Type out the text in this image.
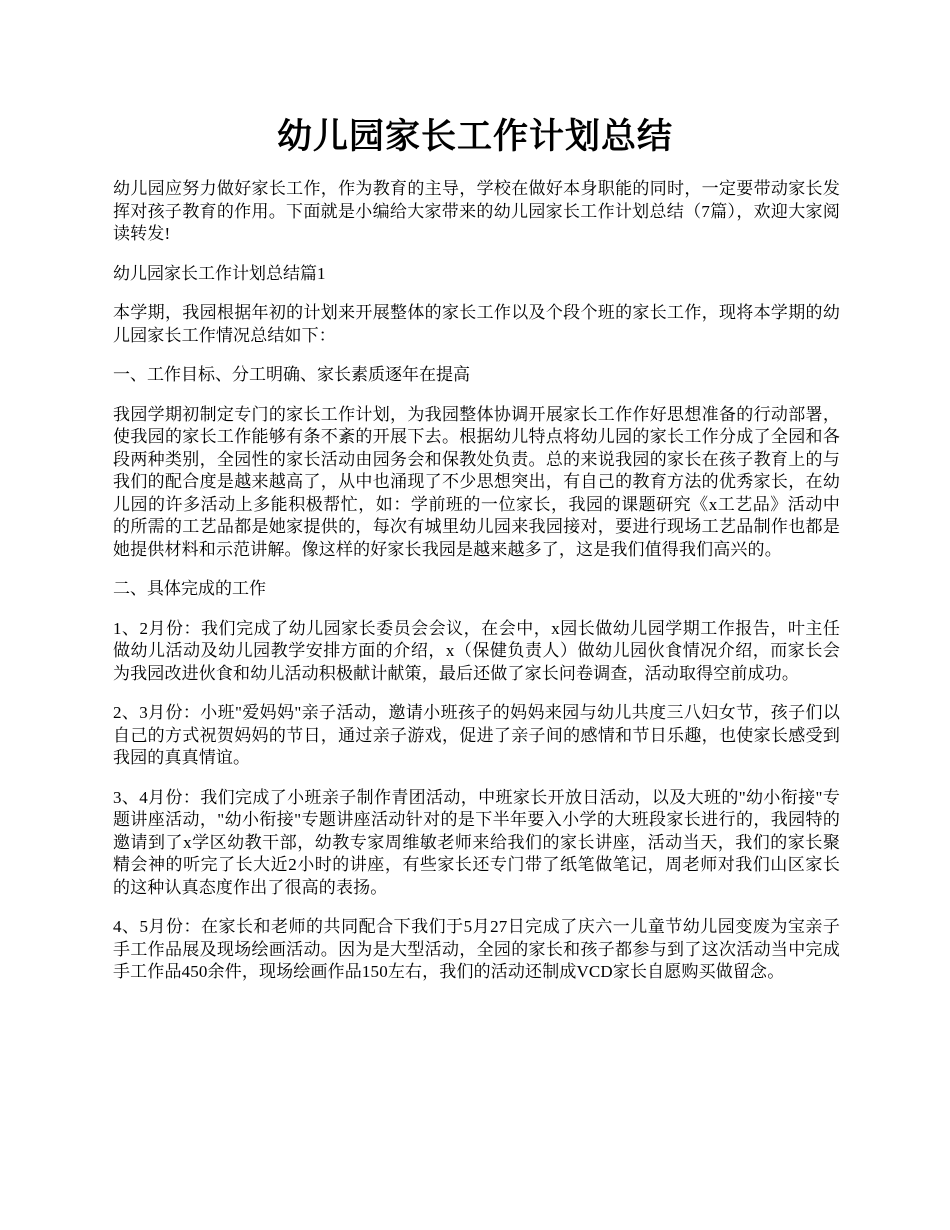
幼儿园家长工作计划总结

幼儿园应努力做好家长工作，作为教育的主导，学校在做好本身职能的同时，一定要带动家长发挥对孩子教育的作用。下面就是小编给大家带来的幼儿园家长工作计划总结（7篇），欢迎大家阅读转发!

幼儿园家长工作计划总结篇1

本学期，我园根据年初的计划来开展整体的家长工作以及个段个班的家长工作，现将本学期的幼儿园家长工作情况总结如下：

一、工作目标、分工明确、家长素质逐年在提高

我园学期初制定专门的家长工作计划，为我园整体协调开展家长工作作好思想准备的行动部署，使我园的家长工作能够有条不紊的开展下去。根据幼儿特点将幼儿园的家长工作分成了全园和各段两种类别，全园性的家长活动由园务会和保教处负责。总的来说我园的家长在孩子教育上的与我们的配合度是越来越高了，从中也涌现了不少思想突出，有自己的教育方法的优秀家长，在幼儿园的许多活动上多能积极帮忙，如：学前班的一位家长，我园的课题研究《x工艺品》活动中的所需的工艺品都是她家提供的，每次有城里幼儿园来我园接对，要进行现场工艺品制作也都是她提供材料和示范讲解。像这样的好家长我园是越来越多了，这是我们值得我们高兴的。

二、具体完成的工作

1、2月份：我们完成了幼儿园家长委员会会议，在会中，x园长做幼儿园学期工作报告，叶主任做幼儿活动及幼儿园教学安排方面的介绍，x（保健负责人）做幼儿园伙食情况介绍，而家长会为我园改进伙食和幼儿活动积极献计献策，最后还做了家长问卷调查，活动取得空前成功。

2、3月份：小班"爱妈妈"亲子活动，邀请小班孩子的妈妈来园与幼儿共度三八妇女节，孩子们以自己的方式祝贺妈妈的节日，通过亲子游戏，促进了亲子间的感情和节日乐趣，也使家长感受到我园的真真情谊。

3、4月份：我们完成了小班亲子制作青团活动，中班家长开放日活动，以及大班的"幼小衔接"专题讲座活动，"幼小衔接"专题讲座活动针对的是下半年要入小学的大班段家长进行的，我园特的邀请到了x学区幼教干部，幼教专家周维敏老师来给我们的家长讲座，活动当天，我们的家长聚精会神的听完了长大近2小时的讲座，有些家长还专门带了纸笔做笔记，周老师对我们山区家长的这种认真态度作出了很高的表扬。

4、5月份：在家长和老师的共同配合下我们于5月27日完成了庆六一儿童节幼儿园变废为宝亲子手工作品展及现场绘画活动。因为是大型活动，全园的家长和孩子都参与到了这次活动当中完成手工作品450余件，现场绘画作品150左右，我们的活动还制成VCD家长自愿购买做留念。
